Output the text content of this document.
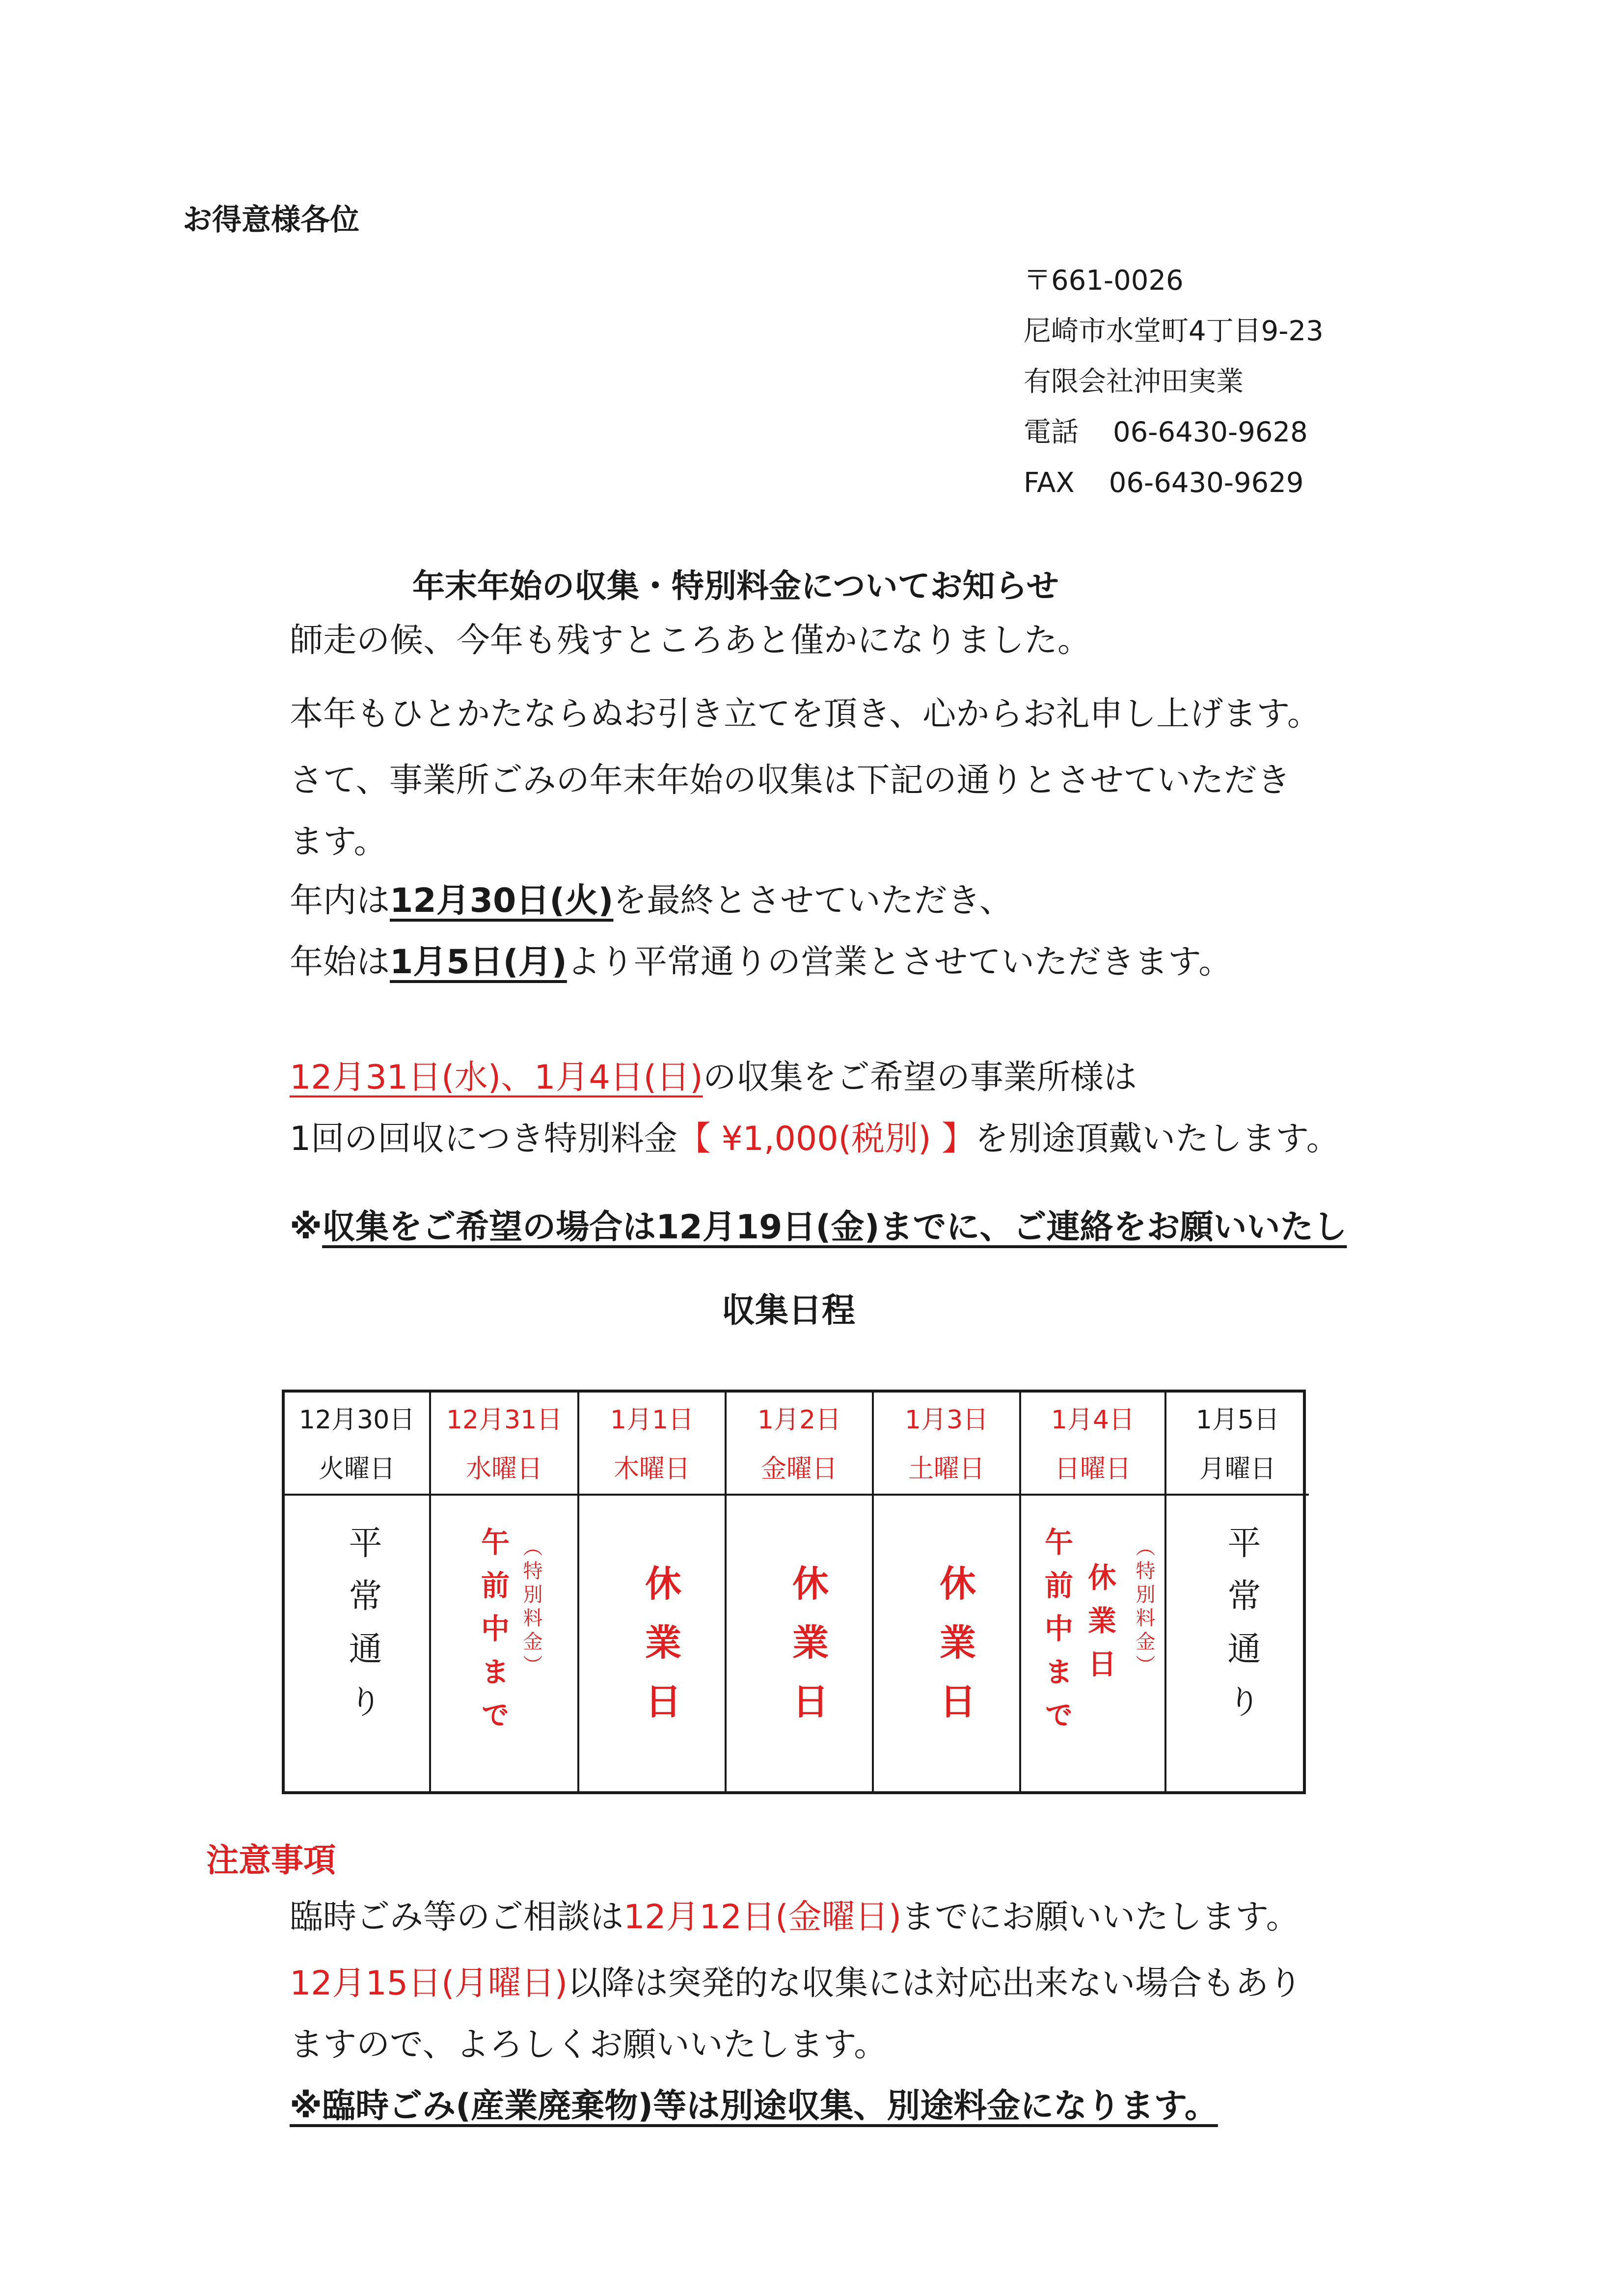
お得意様各位
〒661-0026
尼崎市水堂町4丁目9-23
有限会社沖田実業
電話 06-6430-9628
FAX 06-6430-9629
年末年始の収集・特別料金についてお知らせ
師走の候、今年も残すところあと僅かになりました。
本年もひとかたならぬお引き立てを頂き、心からお礼申し上げます。
さて、事業所ごみの年末年始の収集は下記の通りとさせていただき
ます。
年内は12月30日(火)を最終とさせていただき、
年始は1月5日(月)より平常通りの営業とさせていただきます。
12月31日(水)、1月4日(日)の収集をご希望の事業所様は
1回の回収につき特別料金【 ¥1,000(税別) 】を別途頂戴いたします。
※収集をご希望の場合は12月19日(金)までに、ご連絡をお願いいたし
収集日程
12月30日
火曜日
平常通り
12月31日
水曜日
午前中まで （特別料金）
1月1日
木曜日
休業日
1月2日
金曜日
休業日
1月3日
土曜日
休業日
1月4日
日曜日
午前中まで 休業日 （特別料金）
1月5日
月曜日
平常通り
注意事項
臨時ごみ等のご相談は12月12日(金曜日)までにお願いいたします。
12月15日(月曜日)以降は突発的な収集には対応出来ない場合もあり
ますので、よろしくお願いいたします。
※臨時ごみ(産業廃棄物)等は別途収集、別途料金になります。
